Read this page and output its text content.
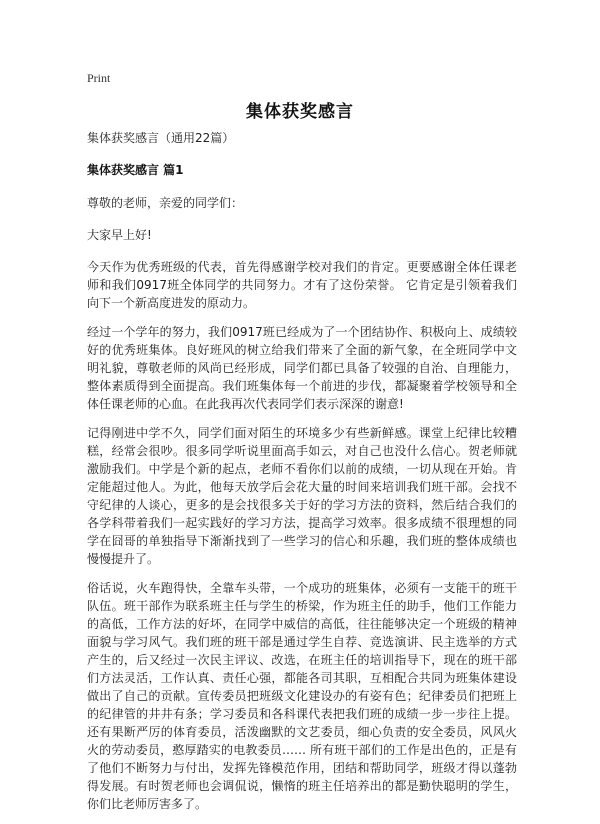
Print
集体获奖感言
集体获奖感言（通用22篇）
集体获奖感言 篇1

尊敬的老师，亲爱的同学们：

大家早上好!

今天作为优秀班级的代表，首先得感谢学校对我们的肯定。更要感谢全体任课老师和我们0917班全体同学的共同努力。才有了这份荣誉。 它肯定是引领着我们向下一个新高度进发的原动力。

经过一个学年的努力，我们0917班已经成为了一个团结协作、积极向上、成绩较好的优秀班集体。良好班风的树立给我们带来了全面的新气象，在全班同学中文明礼貌，尊敬老师的风尚已经形成，同学们都已具备了较强的自治、自理能力，整体素质得到全面提高。我们班集体每一个前进的步伐，都凝聚着学校领导和全体任课老师的心血。在此我再次代表同学们表示深深的谢意!

记得刚进中学不久，同学们面对陌生的环境多少有些新鲜感。课堂上纪律比较糟糕，经常会很吵。很多同学听说里面高手如云，对自己也没什么信心。贺老师就激励我们。中学是个新的起点，老师不看你们以前的成绩，一切从现在开始。肯定能超过他人。为此，他每天放学后会花大量的时间来培训我们班干部。会找不守纪律的人谈心，更多的是会找很多关于好的学习方法的资料，然后结合我们的各学科带着我们一起实践好的学习方法，提高学习效率。很多成绩不很理想的同学在囧哥的单独指导下渐渐找到了一些学习的信心和乐趣，我们班的整体成绩也慢慢提升了。

俗话说，火车跑得快，全靠车头带，一个成功的班集体，必须有一支能干的班干队伍。班干部作为联系班主任与学生的桥梁，作为班主任的助手，他们工作能力的高低，工作方法的好坏，在同学中威信的高低，往往能够决定一个班级的精神面貌与学习风气。我们班的班干部是通过学生自荐、竞选演讲、民主选举的方式产生的，后又经过一次民主评议、改选，在班主任的培训指导下，现在的班干部们方法灵活，工作认真、责任心强，都能各司其职，互相配合共同为班集体建设做出了自己的贡献。宣传委员把班级文化建设办的有姿有色；纪律委员们把班上的纪律管的井井有条；学习委员和各科课代表把我们班的成绩一步一步往上提。还有果断严厉的体育委员，活泼幽默的文艺委员，细心负责的安全委员，风风火火的劳动委员，憨厚踏实的电教委员…… 所有班干部们的工作是出色的，正是有了他们不断努力与付出，发挥先锋模范作用，团结和帮助同学，班级才得以蓬勃得发展。有时贺老师也会调侃说，懒惰的班主任培养出的都是勤快聪明的学生，你们比老师厉害多了。
